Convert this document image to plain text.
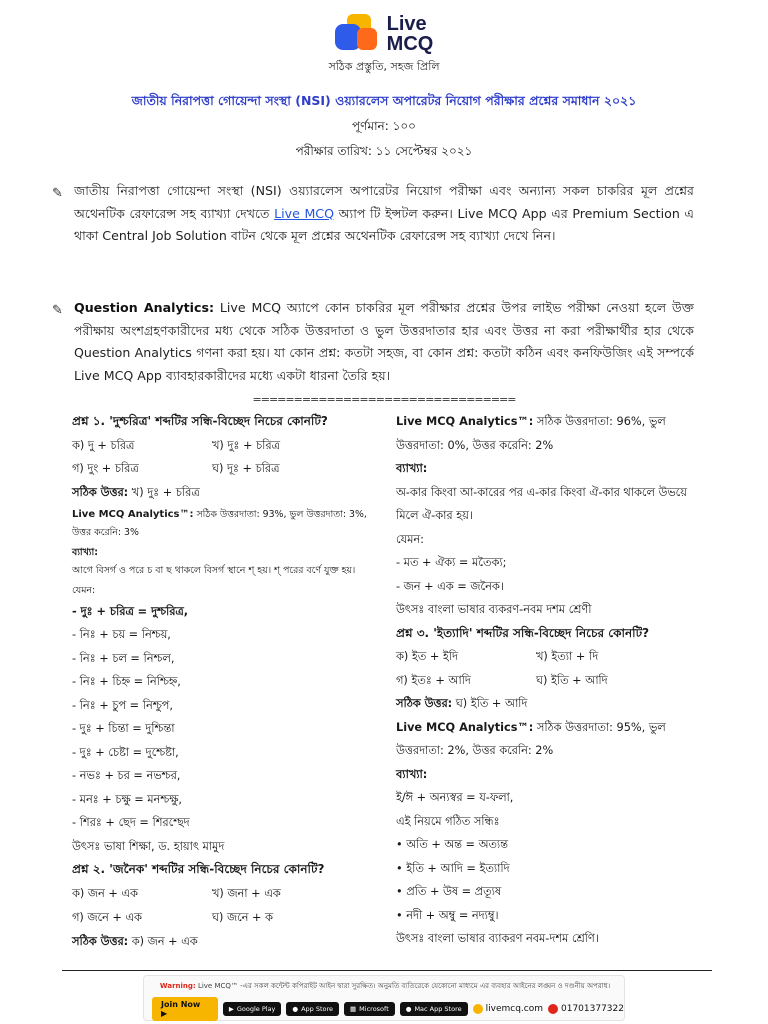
Live
MCQ
সঠিক প্রস্তুতি, সহজ প্রিলি
জাতীয় নিরাপত্তা গোয়েন্দা সংস্থা (NSI) ওয়্যারলেস অপারেটর নিয়োগ পরীক্ষার প্রশ্নের সমাধান ২০২১
পূর্ণমান: ১০০
পরীক্ষার তারিখ: ১১ সেপ্টেম্বর ২০২১
✎ জাতীয় নিরাপত্তা গোয়েন্দা সংস্থা (NSI) ওয়্যারলেস অপারেটর নিয়োগ পরীক্ষা এবং অন্যান্য সকল চাকরির মূল প্রশ্নের অথেনটিক রেফারেন্স সহ ব্যাখ্যা দেখতে Live MCQ অ্যাপ টি ইন্সটল করুন। Live MCQ App এর Premium Section এ থাকা Central Job Solution বাটন থেকে মূল প্রশ্নের অথেনটিক রেফারেন্স সহ ব্যাখ্যা দেখে নিন।
✎ Question Analytics: Live MCQ অ্যাপে কোন চাকরির মূল পরীক্ষার প্রশ্নের উপর লাইভ পরীক্ষা নেওয়া হলে উক্ত পরীক্ষায় অংশগ্রহণকারীদের মধ্য থেকে সঠিক উত্তরদাতা ও ভুল উত্তরদাতার হার এবং উত্তর না করা পরীক্ষার্থীর হার থেকে Question Analytics গণনা করা হয়। যা কোন প্রশ্ন: কতটা সহজ, বা কোন প্রশ্ন: কতটা কঠিন এবং কনফিউজিং এই সম্পর্কে Live MCQ App ব্যাবহারকারীদের মধ্যে একটা ধারনা তৈরি হয়।
================================
প্রশ্ন ১. 'দুশ্চরিত্র' শব্দটির সন্ধি-বিচ্ছেদ নিচের কোনটি?
ক) দু + চরিত্র	খ) দুঃ + চরিত্র
গ) দুং + চরিত্র	ঘ) দূঃ + চরিত্র
সঠিক উত্তর: খ) দুঃ + চরিত্র
Live MCQ Analytics™: সঠিক উত্তরদাতা: 93%, ভুল উত্তরদাতা: 3%, উত্তর করেনি: 3%
ব্যাখ্যা:
আগে বিসর্গ ও পরে চ বা ছ থাকলে বিসর্গ স্থানে শ্ হয়। শ্ পরের বর্ণে যুক্ত হয়।
যেমন:
- দুঃ + চরিত্র = দুশ্চরিত্র,
- নিঃ + চয় = নিশ্চয়,
- নিঃ + চল = নিশ্চল,
- নিঃ + চিহ্ন = নিশ্চিহ্ন,
- নিঃ + চুপ = নিশ্চুপ,
- দুঃ + চিন্তা = দুশ্চিন্তা
- দুঃ + চেষ্টা = দুশ্চেষ্টা,
- নভঃ + চর = নভশ্চর,
- মনঃ + চক্ষু = মনশ্চক্ষু,
- শিরঃ + ছেদ = শিরশ্ছেদ
উৎসঃ ভাষা শিক্ষা, ড. হায়াৎ মামুদ
প্রশ্ন ২. 'জনৈক' শব্দটির সন্ধি-বিচ্ছেদ নিচের কোনটি?
ক) জন + এক	খ) জনা + এক
গ) জনে + এক	ঘ) জনে + ক
সঠিক উত্তর: ক) জন + এক
Live MCQ Analytics™: সঠিক উত্তরদাতা: 96%, ভুল উত্তরদাতা: 0%, উত্তর করেনি: 2%
ব্যাখ্যা:
অ-কার কিংবা আ-কারের পর এ-কার কিংবা ঐ-কার থাকলে উভয়ে মিলে ঐ-কার হয়।
যেমন:
- মত + ঐক্য = মতৈক্য;
- জন + এক = জনৈক।
উৎসঃ বাংলা ভাষার ব্যকরণ-নবম দশম শ্রেণী
প্রশ্ন ৩. 'ইত্যাদি' শব্দটির সন্ধি-বিচ্ছেদ নিচের কোনটি?
ক) ইত + ইদি	খ) ইত্যা + দি
গ) ইতঃ + আদি	ঘ) ইতি + আদি
সঠিক উত্তর: ঘ) ইতি + আদি
Live MCQ Analytics™: সঠিক উত্তরদাতা: 95%, ভুল উত্তরদাতা: 2%, উত্তর করেনি: 2%
ব্যাখ্যা:
ই/ঈ + অন্যস্বর = য-ফলা,
এই নিয়মে গঠিত সন্ধিঃ
• অতি + অন্ত = অত্যন্ত
• ইতি + আদি = ইত্যাদি
• প্রতি + উষ = প্রত্যূষ
• নদী + অম্বু = নদ্যম্বু।
উৎসঃ বাংলা ভাষার ব্যাকরণ নবম-দশম শ্রেণি।
Warning: Live MCQ™ -এর সকল কন্টেন্ট কপিরাইট আইন দ্বারা সুরক্ষিত। অনুমতি ব্যতিরেকে যেকোনো মাধ্যমে এর ব্যবহার আইনের লঙ্ঘন ও দণ্ডনীয় অপরাধ।
Join Now ▶	▶ Google Play	● App Store	▦ Microsoft	● Mac App Store	livemcq.com 01701377322
